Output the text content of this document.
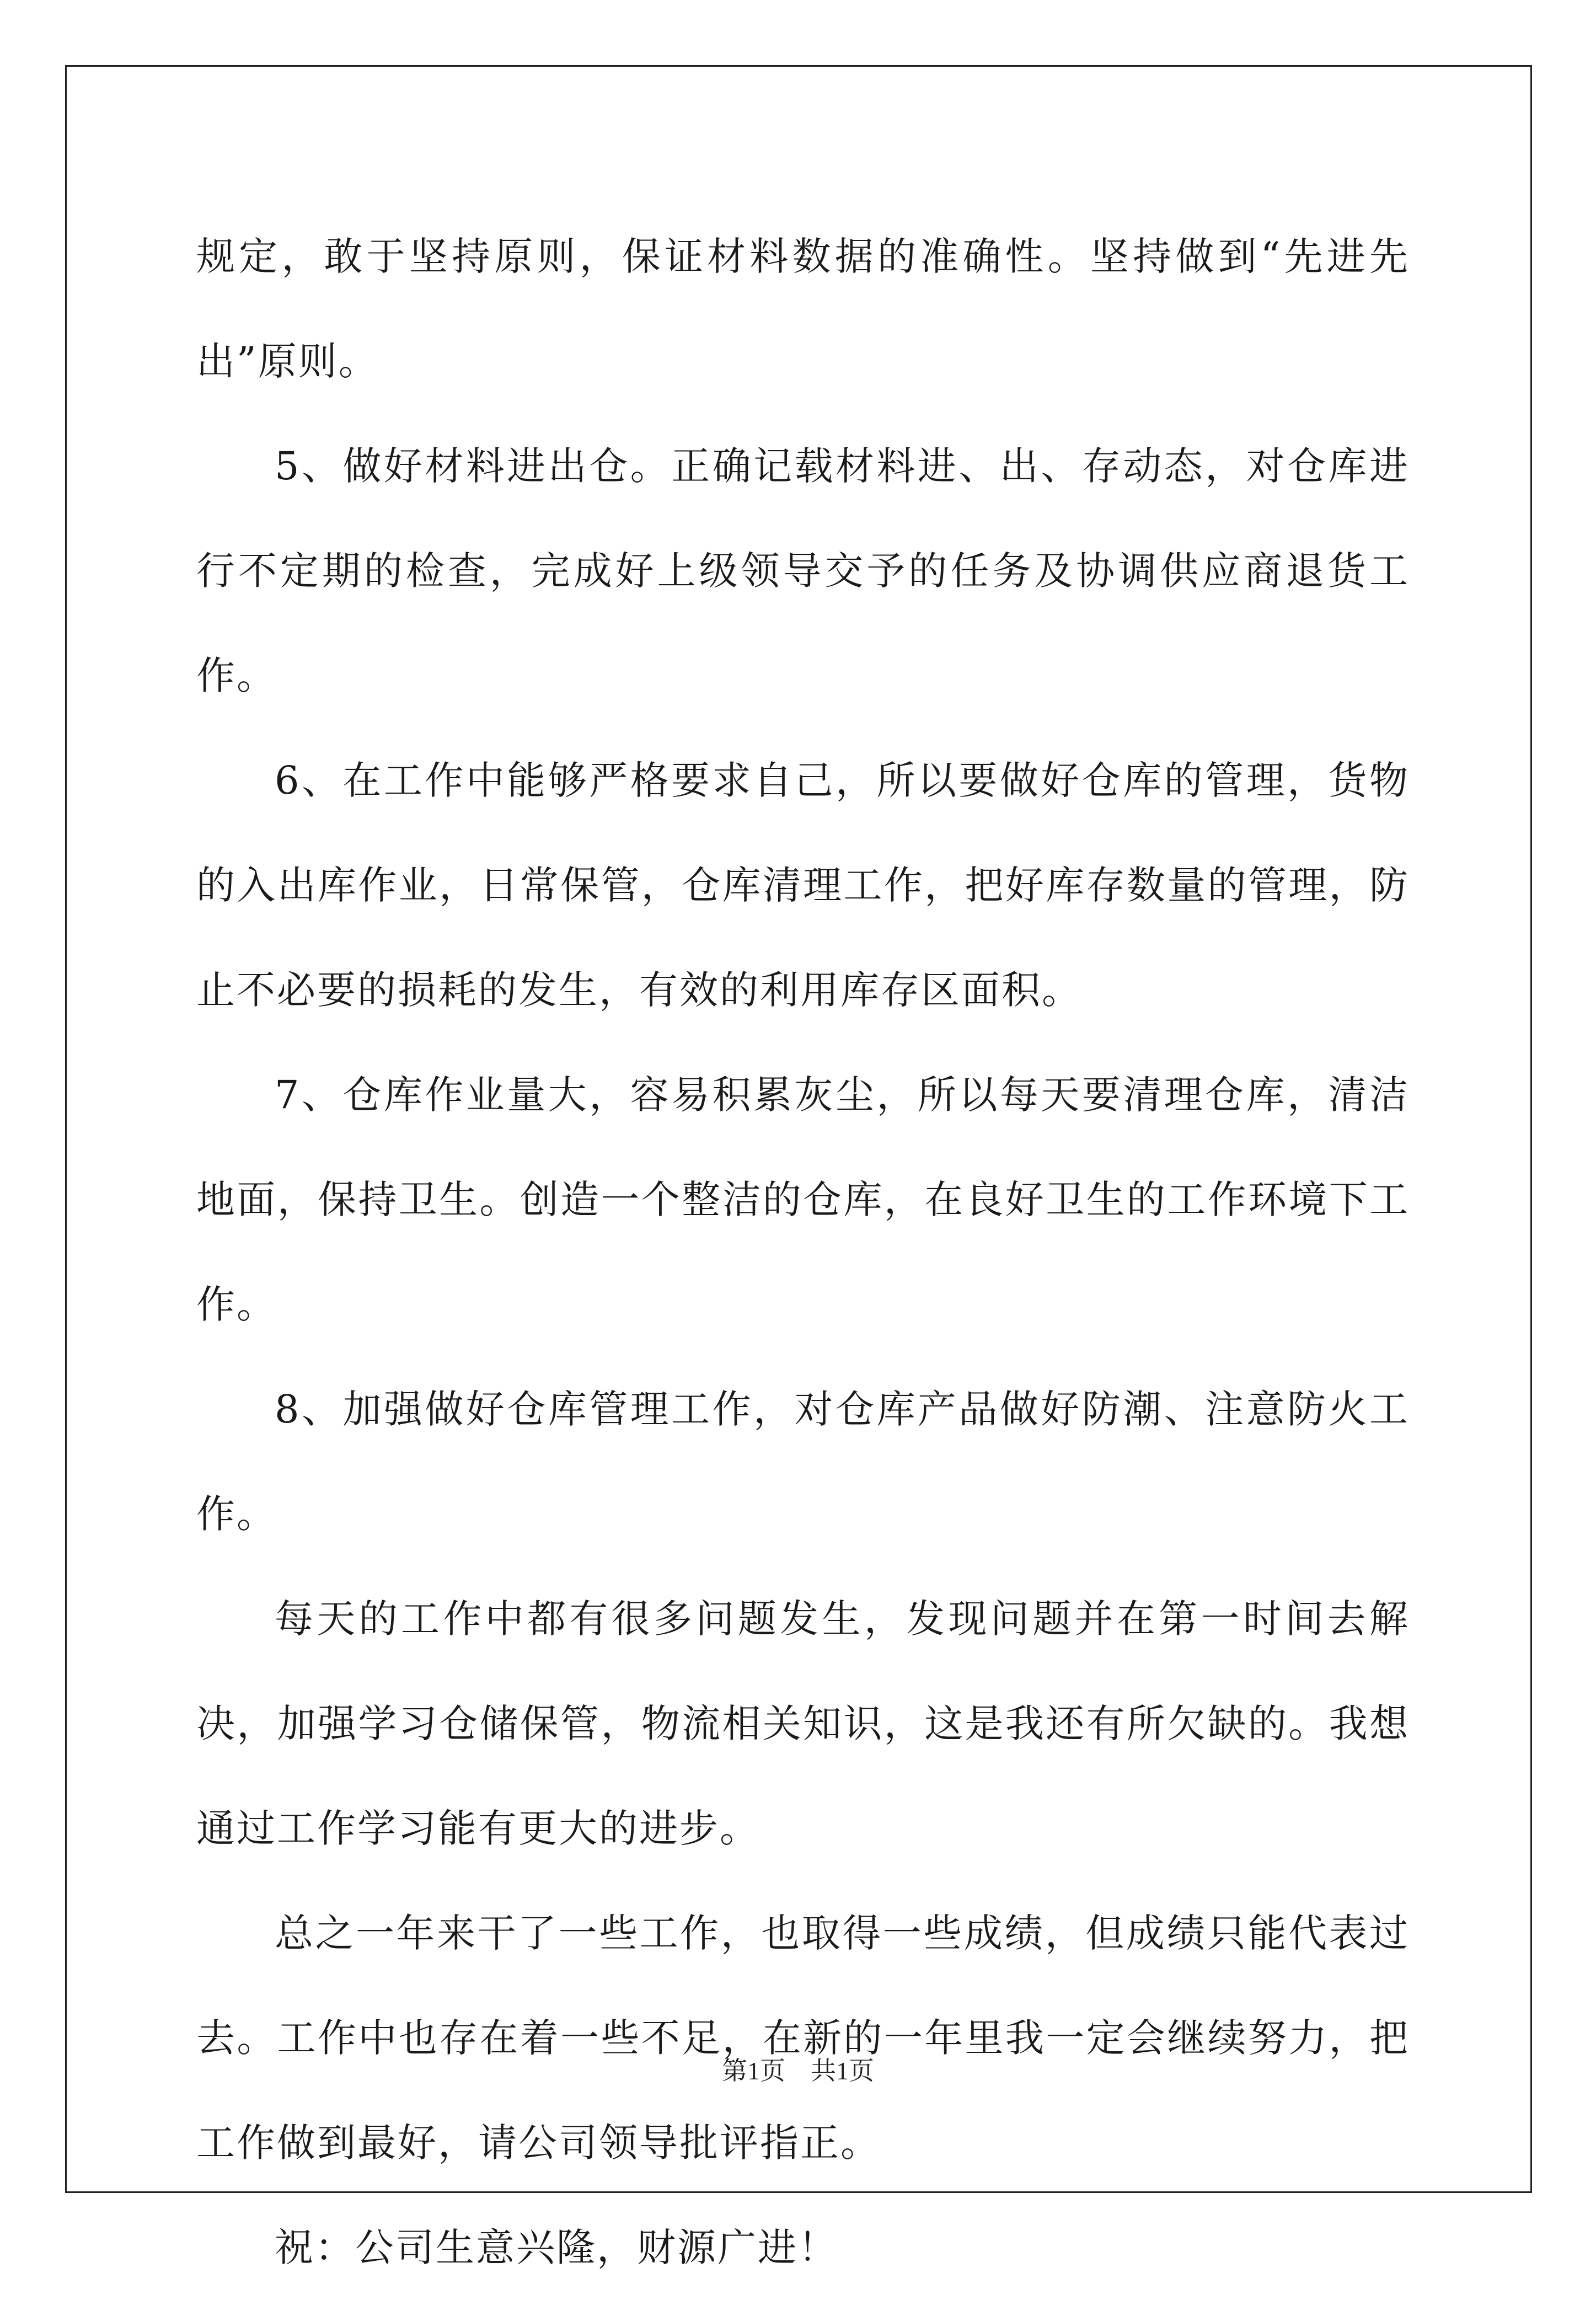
规定，敢于坚持原则，保证材料数据的准确性。坚持做到“先进先出”原则。

5、做好材料进出仓。正确记载材料进、出、存动态，对仓库进行不定期的检查，完成好上级领导交予的任务及协调供应商退货工作。

6、在工作中能够严格要求自己，所以要做好仓库的管理，货物的入出库作业，日常保管，仓库清理工作，把好库存数量的管理，防止不必要的损耗的发生，有效的利用库存区面积。

7、仓库作业量大，容易积累灰尘，所以每天要清理仓库，清洁地面，保持卫生。创造一个整洁的仓库，在良好卫生的工作环境下工作。

8、加强做好仓库管理工作，对仓库产品做好防潮、注意防火工作。

每天的工作中都有很多问题发生，发现问题并在第一时间去解决，加强学习仓储保管，物流相关知识，这是我还有所欠缺的。我想通过工作学习能有更大的进步。

总之一年来干了一些工作，也取得一些成绩，但成绩只能代表过去。工作中也存在着一些不足，在新的一年里我一定会继续努力，把工作做到最好，请公司领导批评指正。

祝：公司生意兴隆，财源广进！

第1页　共1页
